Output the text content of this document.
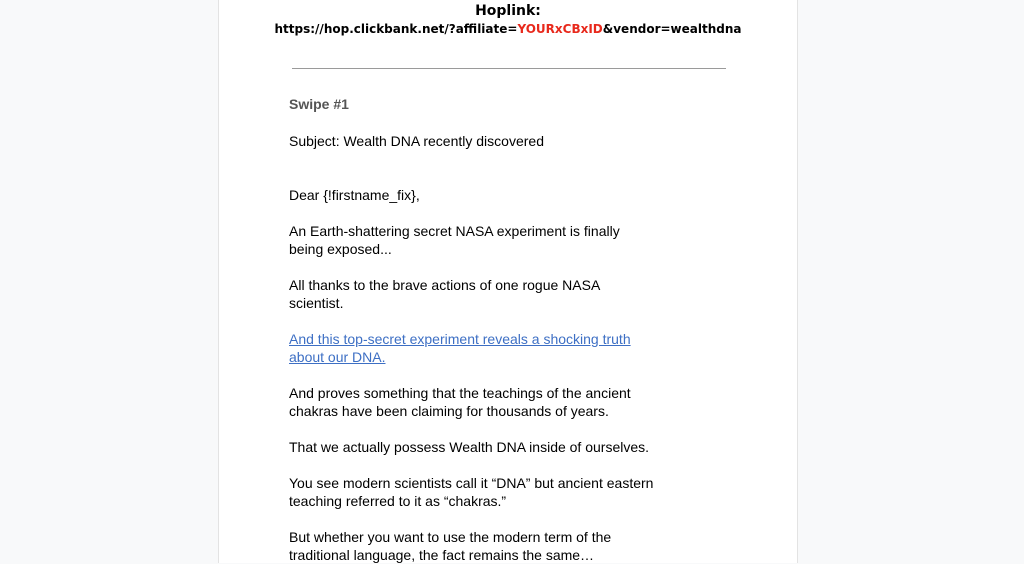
Hoplink:
https://hop.clickbank.net/?affiliate=YOURxCBxID&vendor=wealthdna
Swipe #1
Subject: Wealth DNA recently discovered
Dear {!firstname_fix},
An Earth-shattering secret NASA experiment is finally
being exposed...
All thanks to the brave actions of one rogue NASA
scientist.
And this top-secret experiment reveals a shocking truth
about our DNA.
And proves something that the teachings of the ancient
chakras have been claiming for thousands of years.
That we actually possess Wealth DNA inside of ourselves.
You see modern scientists call it “DNA” but ancient eastern
teaching referred to it as “chakras.”
But whether you want to use the modern term of the
traditional language, the fact remains the same…
